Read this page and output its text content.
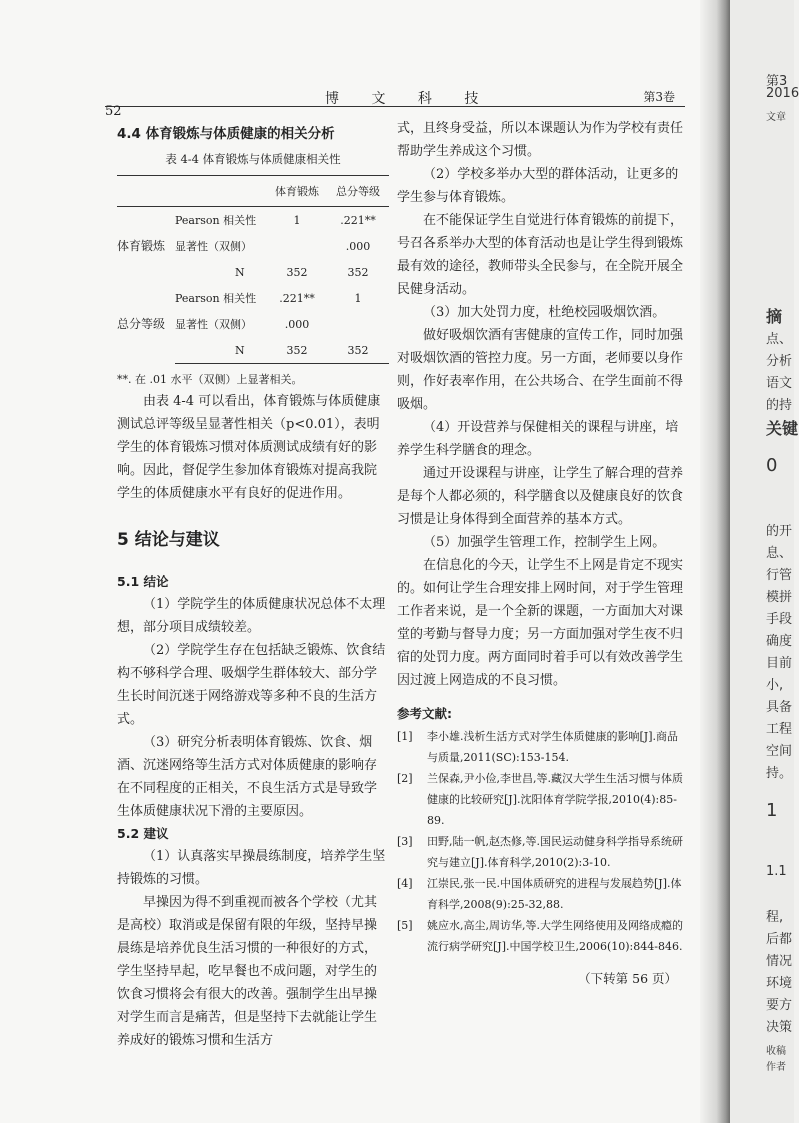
52
博 文 科 技	第3卷

4.4 体育锻炼与体质健康的相关分析

表 4-4 体育锻炼与体质健康相关性
		体育锻炼	总分等级
体育锻炼	Pearson 相关性	1	.221**
	显著性（双侧）		.000
	N	352	352
总分等级	Pearson 相关性	.221**	1
	显著性（双侧）	.000	
	N	352	352
**. 在 .01 水平（双侧）上显著相关。

由表 4-4 可以看出，体育锻炼与体质健康测试总评等级呈显著性相关（p<0.01），表明学生的体育锻炼习惯对体质测试成绩有好的影响。因此，督促学生参加体育锻炼对提高我院学生的体质健康水平有良好的促进作用。

5 结论与建议

5.1 结论

（1）学院学生的体质健康状况总体不太理想，部分项目成绩较差。

（2）学院学生存在包括缺乏锻炼、饮食结构不够科学合理、吸烟学生群体较大、部分学生长时间沉迷于网络游戏等多种不良的生活方式。

（3）研究分析表明体育锻炼、饮食、烟酒、沉迷网络等生活方式对体质健康的影响存在不同程度的正相关，不良生活方式是导致学生体质健康状况下滑的主要原因。

5.2 建议

（1）认真落实早操晨练制度，培养学生坚持锻炼的习惯。

早操因为得不到重视而被各个学校（尤其是高校）取消或是保留有限的年级，坚持早操晨练是培养优良生活习惯的一种很好的方式，学生坚持早起，吃早餐也不成问题，对学生的饮食习惯将会有很大的改善。强制学生出早操对学生而言是痛苦，但是坚持下去就能让学生养成好的锻炼习惯和生活方

式，且终身受益，所以本课题认为作为学校有责任帮助学生养成这个习惯。

（2）学校多举办大型的群体活动，让更多的学生参与体育锻炼。

在不能保证学生自觉进行体育锻炼的前提下，号召各系举办大型的体育活动也是让学生得到锻炼最有效的途径，教师带头全民参与，在全院开展全民健身活动。

（3）加大处罚力度，杜绝校园吸烟饮酒。

做好吸烟饮酒有害健康的宣传工作，同时加强对吸烟饮酒的管控力度。另一方面，老师要以身作则，作好表率作用，在公共场合、在学生面前不得吸烟。

（4）开设营养与保健相关的课程与讲座，培养学生科学膳食的理念。

通过开设课程与讲座，让学生了解合理的营养是每个人都必须的，科学膳食以及健康良好的饮食习惯是让身体得到全面营养的基本方式。

（5）加强学生管理工作，控制学生上网。

在信息化的今天，让学生不上网是肯定不现实的。如何让学生合理安排上网时间，对于学生管理工作者来说，是一个全新的课题，一方面加大对课堂的考勤与督导力度；另一方面加强对学生夜不归宿的处罚力度。两方面同时着手可以有效改善学生因过渡上网造成的不良习惯。

参考文献:
[1] 李小雄.浅析生活方式对学生体质健康的影响[J].商品与质量,2011(SC):153-154.
[2] 兰保森,尹小俭,李世昌,等.藏汉大学生生活习惯与体质健康的比较研究[J].沈阳体育学院学报,2010(4):85-89.
[3] 田野,陆一帆,赵杰修,等.国民运动健身科学指导系统研究与建立[J].体育科学,2010(2):3-10.
[4] 江崇民,张一民.中国体质研究的进程与发展趋势[J].体育科学,2008(9):25-32,88.
[5] 姚应水,高尘,周访华,等.大学生网络使用及网络成瘾的流行病学研究[J].中国学校卫生,2006(10):844-846.
（下转第 56 页）
第3
2016
文章
摘
点、
分析
语文
的持
关键
0
的开
息、
行管
模拼
手段
确度
目前
小,
具备
工程
空间
持。
1
1.1
程,
后都
情况
环境
要方
决策
收稿
作者
